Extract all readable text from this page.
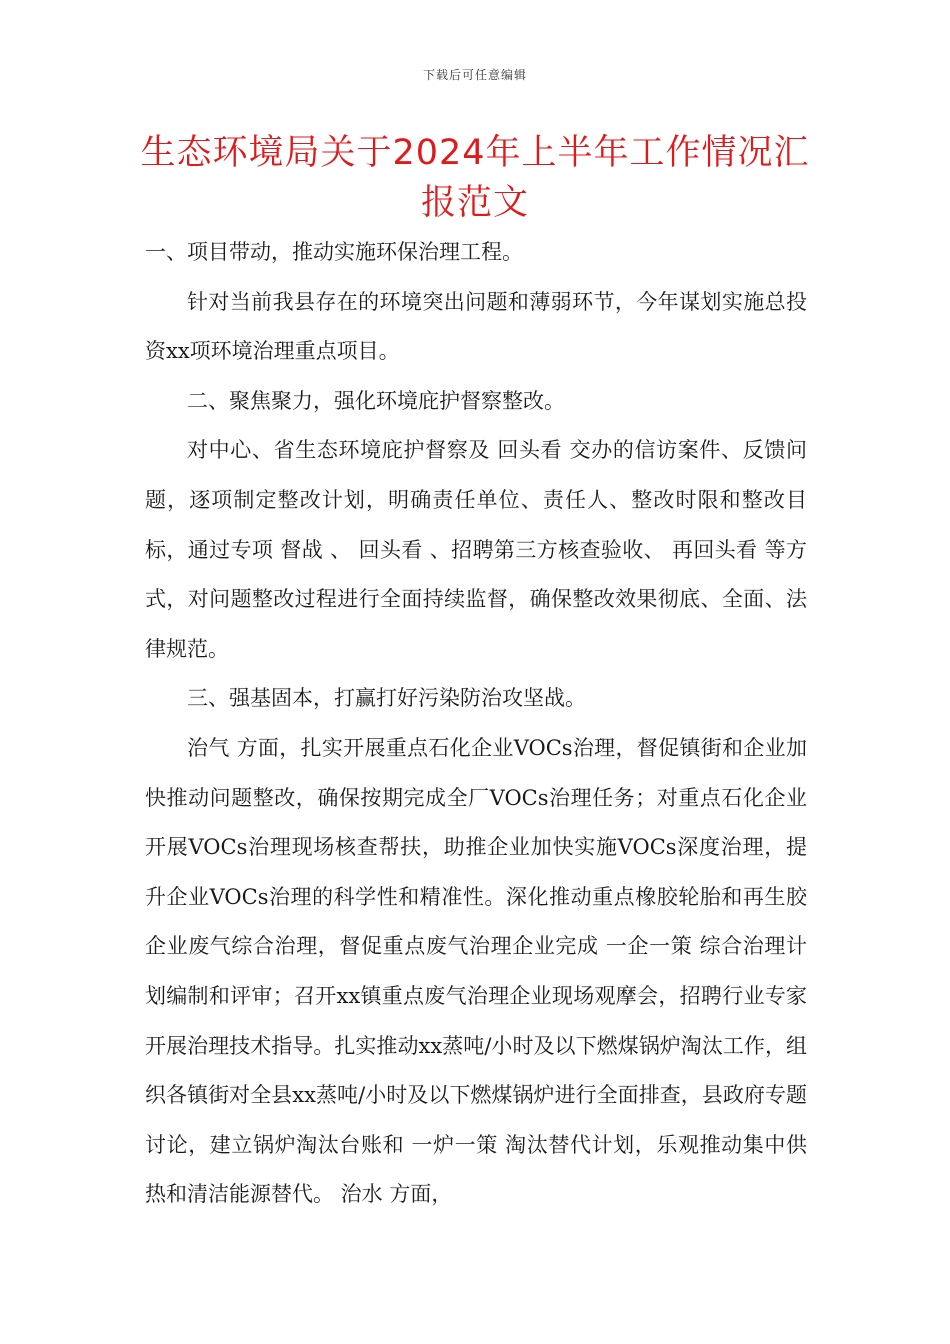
下载后可任意编辑
生态环境局关于2024年上半年工作情况汇
报范文

一、项目带动，推动实施环保治理工程。

针对当前我县存在的环境突出问题和薄弱环节，今年谋划实施总投资xx项环境治理重点项目。

二、聚焦聚力，强化环境庇护督察整改。

对中心、省生态环境庇护督察及 回头看 交办的信访案件、反馈问题，逐项制定整改计划，明确责任单位、责任人、整改时限和整改目标，通过专项 督战 、 回头看 、招聘第三方核查验收、 再回头看 等方式，对问题整改过程进行全面持续监督，确保整改效果彻底、全面、法律规范。

三、强基固本，打赢打好污染防治攻坚战。

治气 方面，扎实开展重点石化企业VOCs治理，督促镇街和企业加快推动问题整改，确保按期完成全厂VOCs治理任务；对重点石化企业开展VOCs治理现场核查帮扶，助推企业加快实施VOCs深度治理，提升企业VOCs治理的科学性和精准性。深化推动重点橡胶轮胎和再生胶企业废气综合治理，督促重点废气治理企业完成 一企一策 综合治理计划编制和评审；召开xx镇重点废气治理企业现场观摩会，招聘行业专家开展治理技术指导。扎实推动xx蒸吨/小时及以下燃煤锅炉淘汰工作，组织各镇街对全县xx蒸吨/小时及以下燃煤锅炉进行全面排查，县政府专题讨论，建立锅炉淘汰台账和 一炉一策 淘汰替代计划，乐观推动集中供热和清洁能源替代。 治水 方面，
